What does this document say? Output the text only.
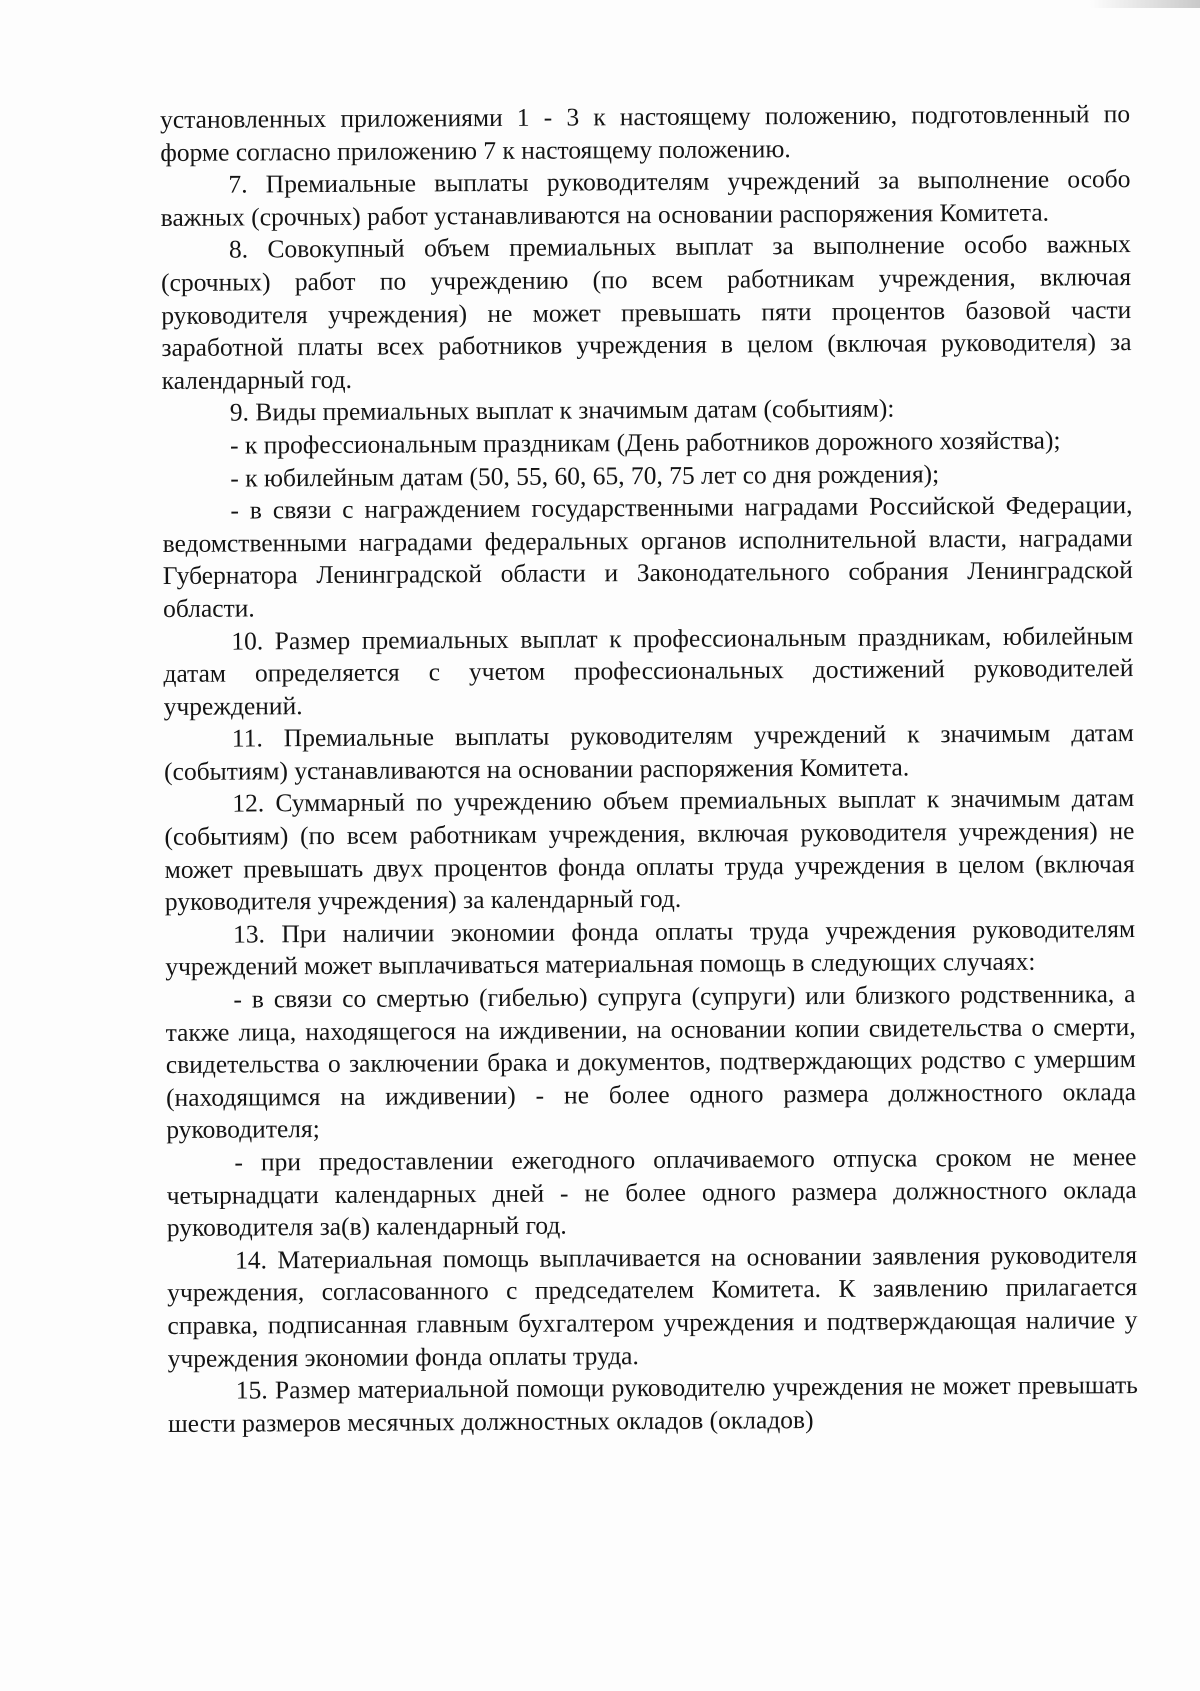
установленных приложениями 1 - 3 к настоящему положению, подготовленный по форме согласно приложению 7 к настоящему положению.

7. Премиальные выплаты руководителям учреждений за выполнение особо важных (срочных) работ устанавливаются на основании распоряжения Комитета.

8. Совокупный объем премиальных выплат за выполнение особо важных (срочных) работ по учреждению (по всем работникам учреждения, включая руководителя учреждения) не может превышать пяти процентов базовой части заработной платы всех работников учреждения в целом (включая руководителя) за календарный год.

9. Виды премиальных выплат к значимым датам (событиям):

- к профессиональным праздникам (День работников дорожного хозяйства);

- к юбилейным датам (50, 55, 60, 65, 70, 75 лет со дня рождения);

- в связи с награждением государственными наградами Российской Федерации, ведомственными наградами федеральных органов исполнительной власти, наградами Губернатора Ленинградской области и Законодательного собрания Ленинградской области.

10. Размер премиальных выплат к профессиональным праздникам, юбилейным датам определяется с учетом профессиональных достижений руководителей учреждений.

11. Премиальные выплаты руководителям учреждений к значимым датам (событиям) устанавливаются на основании распоряжения Комитета.

12. Суммарный по учреждению объем премиальных выплат к значимым датам (событиям) (по всем работникам учреждения, включая руководителя учреждения) не может превышать двух процентов фонда оплаты труда учреждения в целом (включая руководителя учреждения) за календарный год.

13. При наличии экономии фонда оплаты труда учреждения руководителям учреждений может выплачиваться материальная помощь в следующих случаях:

- в связи со смертью (гибелью) супруга (супруги) или близкого родственника, а также лица, находящегося на иждивении, на основании копии свидетельства о смерти, свидетельства о заключении брака и документов, подтверждающих родство с умершим (находящимся на иждивении) - не более одного размера должностного оклада руководителя;

- при предоставлении ежегодного оплачиваемого отпуска сроком не менее четырнадцати календарных дней - не более одного размера должностного оклада руководителя за(в) календарный год.

14. Материальная помощь выплачивается на основании заявления руководителя учреждения, согласованного с председателем Комитета. К заявлению прилагается справка, подписанная главным бухгалтером учреждения и подтверждающая наличие у учреждения экономии фонда оплаты труда.

15. Размер материальной помощи руководителю учреждения не может превышать шести размеров месячных должностных окладов (окладов)
